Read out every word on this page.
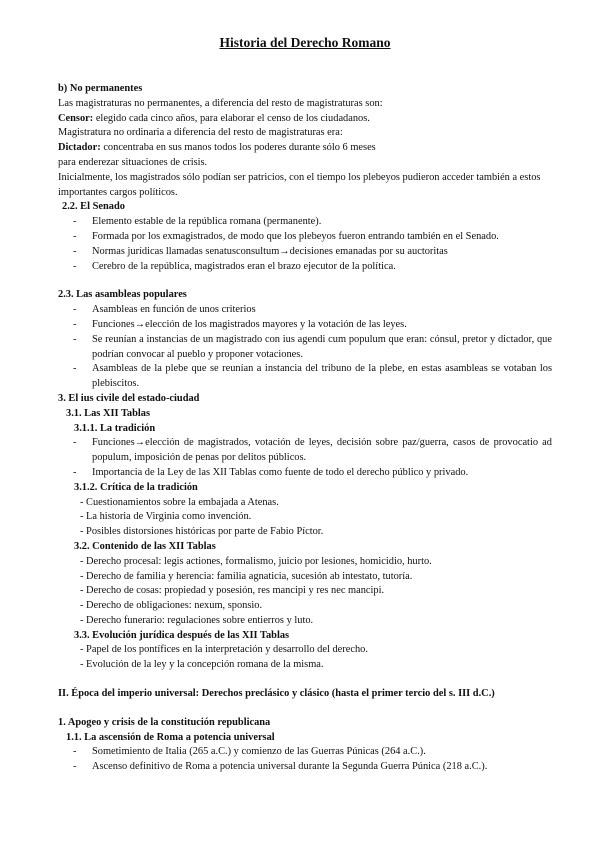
Historia del Derecho Romano

b) No permanentes

Las magistraturas no permanentes, a diferencia del resto de magistraturas son:

Censor: elegido cada cinco años, para elaborar el censo de los ciudadanos.

Magistratura no ordinaria a diferencia del resto de magistraturas era:

Dictador: concentraba en sus manos todos los poderes durante sólo 6 meses

para enderezar situaciones de crisis.

Inicialmente, los magistrados sólo podían ser patricios, con el tiempo los plebeyos pudieron acceder también a estos importantes cargos políticos.

2.2. El Senado

- Elemento estable de la república romana (permanente).
- Formada por los exmagistrados, de modo que los plebeyos fueron entrando también en el Senado.
- Normas jurídicas llamadas senatusconsultum→decisiones emanadas por su auctoritas
- Cerebro de la república, magistrados eran el brazo ejecutor de la política.

2.3. Las asambleas populares

- Asambleas en función de unos criterios
- Funciones→elección de los magistrados mayores y la votación de las leyes.
- Se reunían a instancias de un magistrado con ius agendi cum populum que eran: cónsul, pretor y dictador, que podrían convocar al pueblo y proponer votaciones.
- Asambleas de la plebe que se reunían a instancia del tribuno de la plebe, en estas asambleas se votaban los plebiscitos.

3. El ius civile del estado-ciudad

3.1. Las XII Tablas

3.1.1. La tradición

- Funciones→elección de magistrados, votación de leyes, decisión sobre paz/guerra, casos de provocatio ad populum, imposición de penas por delitos públicos.
- Importancia de la Ley de las XII Tablas como fuente de todo el derecho público y privado.

3.1.2. Crítica de la tradición

- Cuestionamientos sobre la embajada a Atenas.
- La historia de Virginia como invención.
- Posibles distorsiones históricas por parte de Fabio Píctor.

3.2. Contenido de las XII Tablas

- Derecho procesal: legis actiones, formalismo, juicio por lesiones, homicidio, hurto.
- Derecho de familia y herencia: familia agnaticia, sucesión ab intestato, tutoría.
- Derecho de cosas: propiedad y posesión, res mancipi y res nec mancipi.
- Derecho de obligaciones: nexum, sponsio.
- Derecho funerario: regulaciones sobre entierros y luto.

3.3. Evolución jurídica después de las XII Tablas

- Papel de los pontífices en la interpretación y desarrollo del derecho.
- Evolución de la ley y la concepción romana de la misma.

II. Época del imperio universal: Derechos preclásico y clásico (hasta el primer tercio del s. III d.C.)

1. Apogeo y crisis de la constitución republicana

1.1. La ascensión de Roma a potencia universal

- Sometimiento de Italia (265 a.C.) y comienzo de las Guerras Púnicas (264 a.C.).
- Ascenso definitivo de Roma a potencia universal durante la Segunda Guerra Púnica (218 a.C.).
